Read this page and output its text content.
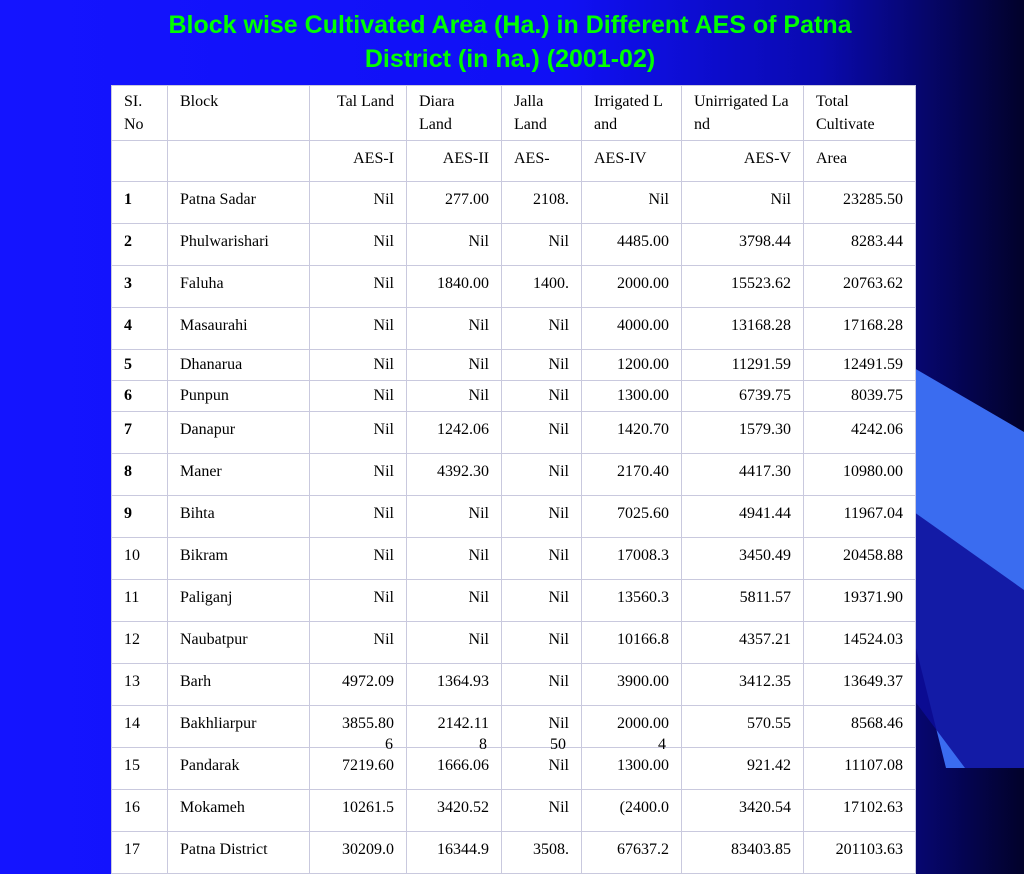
Block wise Cultivated Area (Ha.) in Different AES of Patna
District (in ha.) (2001-02)
SI. No	Block	Tal Land	Diara Land	Jalla Land	Irrigated Land	Unirrigated Land	Total Cultivate
		AES-I	AES-II	AES-	AES-IV	AES-V	Area
1	Patna Sadar	Nil	277.00	2108.	Nil	Nil	23285.50
2	Phulwarishari	Nil	Nil	Nil	4485.00	3798.44	8283.44
3	Faluha	Nil	1840.00	1400.	2000.00	15523.62	20763.62
4	Masaurahi	Nil	Nil	Nil	4000.00	13168.28	17168.28
5	Dhanarua	Nil	Nil	Nil	1200.00	11291.59	12491.59
6	Punpun	Nil	Nil	Nil	1300.00	6739.75	8039.75
7	Danapur	Nil	1242.06	Nil	1420.70	1579.30	4242.06
8	Maner	Nil	4392.30	Nil	2170.40	4417.30	10980.00
9	Bihta	Nil	Nil	Nil	7025.60	4941.44	11967.04
10	Bikram	Nil	Nil	Nil	17008.3	3450.49	20458.88
11	Paliganj	Nil	Nil	Nil	13560.3	5811.57	19371.90
12	Naubatpur	Nil	Nil	Nil	10166.8	4357.21	14524.03
13	Barh	4972.09	1364.93	Nil	3900.00	3412.35	13649.37
14	Bakhliarpur	3855.80	2142.11	Nil	2000.00	570.55	8568.46
15	Pandarak	7219.60	1666.06	Nil	1300.00	921.42	11107.08
16	Mokameh	10261.5	3420.52	Nil	(2400.0	3420.54	17102.63
17	Patna District	30209.0	16344.9	3508.	67637.2	83403.85	201103.63
6	8	50	4
